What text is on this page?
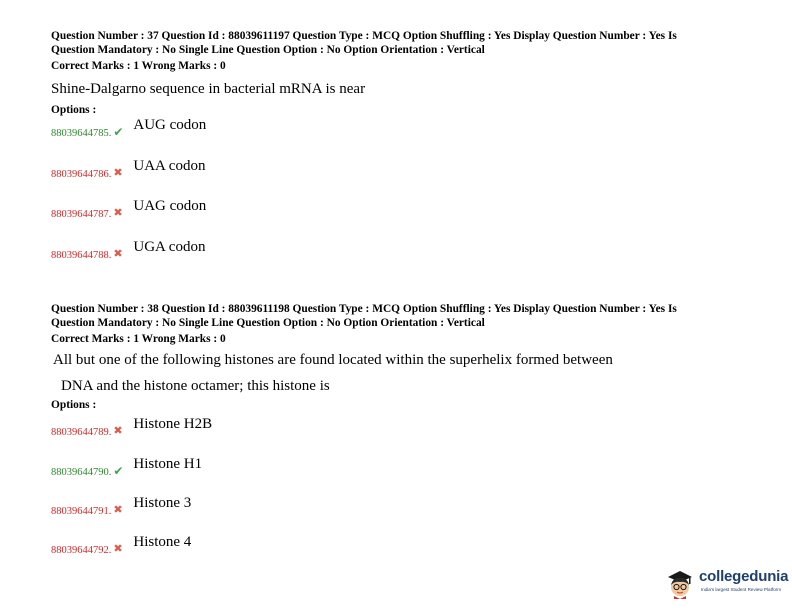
Question Number : 37 Question Id : 88039611197 Question Type : MCQ Option Shuffling : Yes Display Question Number : Yes Is
Question Mandatory : No Single Line Question Option : No Option Orientation : Vertical
Correct Marks : 1 Wrong Marks : 0
Shine-Dalgarno sequence in bacterial mRNA is near
Options :
88039644785. ✔ AUG codon
88039644786. ✖ UAA codon
88039644787. ✖ UAG codon
88039644788. ✖ UGA codon
Question Number : 38 Question Id : 88039611198 Question Type : MCQ Option Shuffling : Yes Display Question Number : Yes Is
Question Mandatory : No Single Line Question Option : No Option Orientation : Vertical
Correct Marks : 1 Wrong Marks : 0
All but one of the following histones are found located within the superhelix formed between
DNA and the histone octamer; this histone is
Options :
88039644789. ✖ Histone H2B
88039644790. ✔ Histone H1
88039644791. ✖ Histone 3
88039644792. ✖ Histone 4
collegedunia
India's largest Student Review Platform
